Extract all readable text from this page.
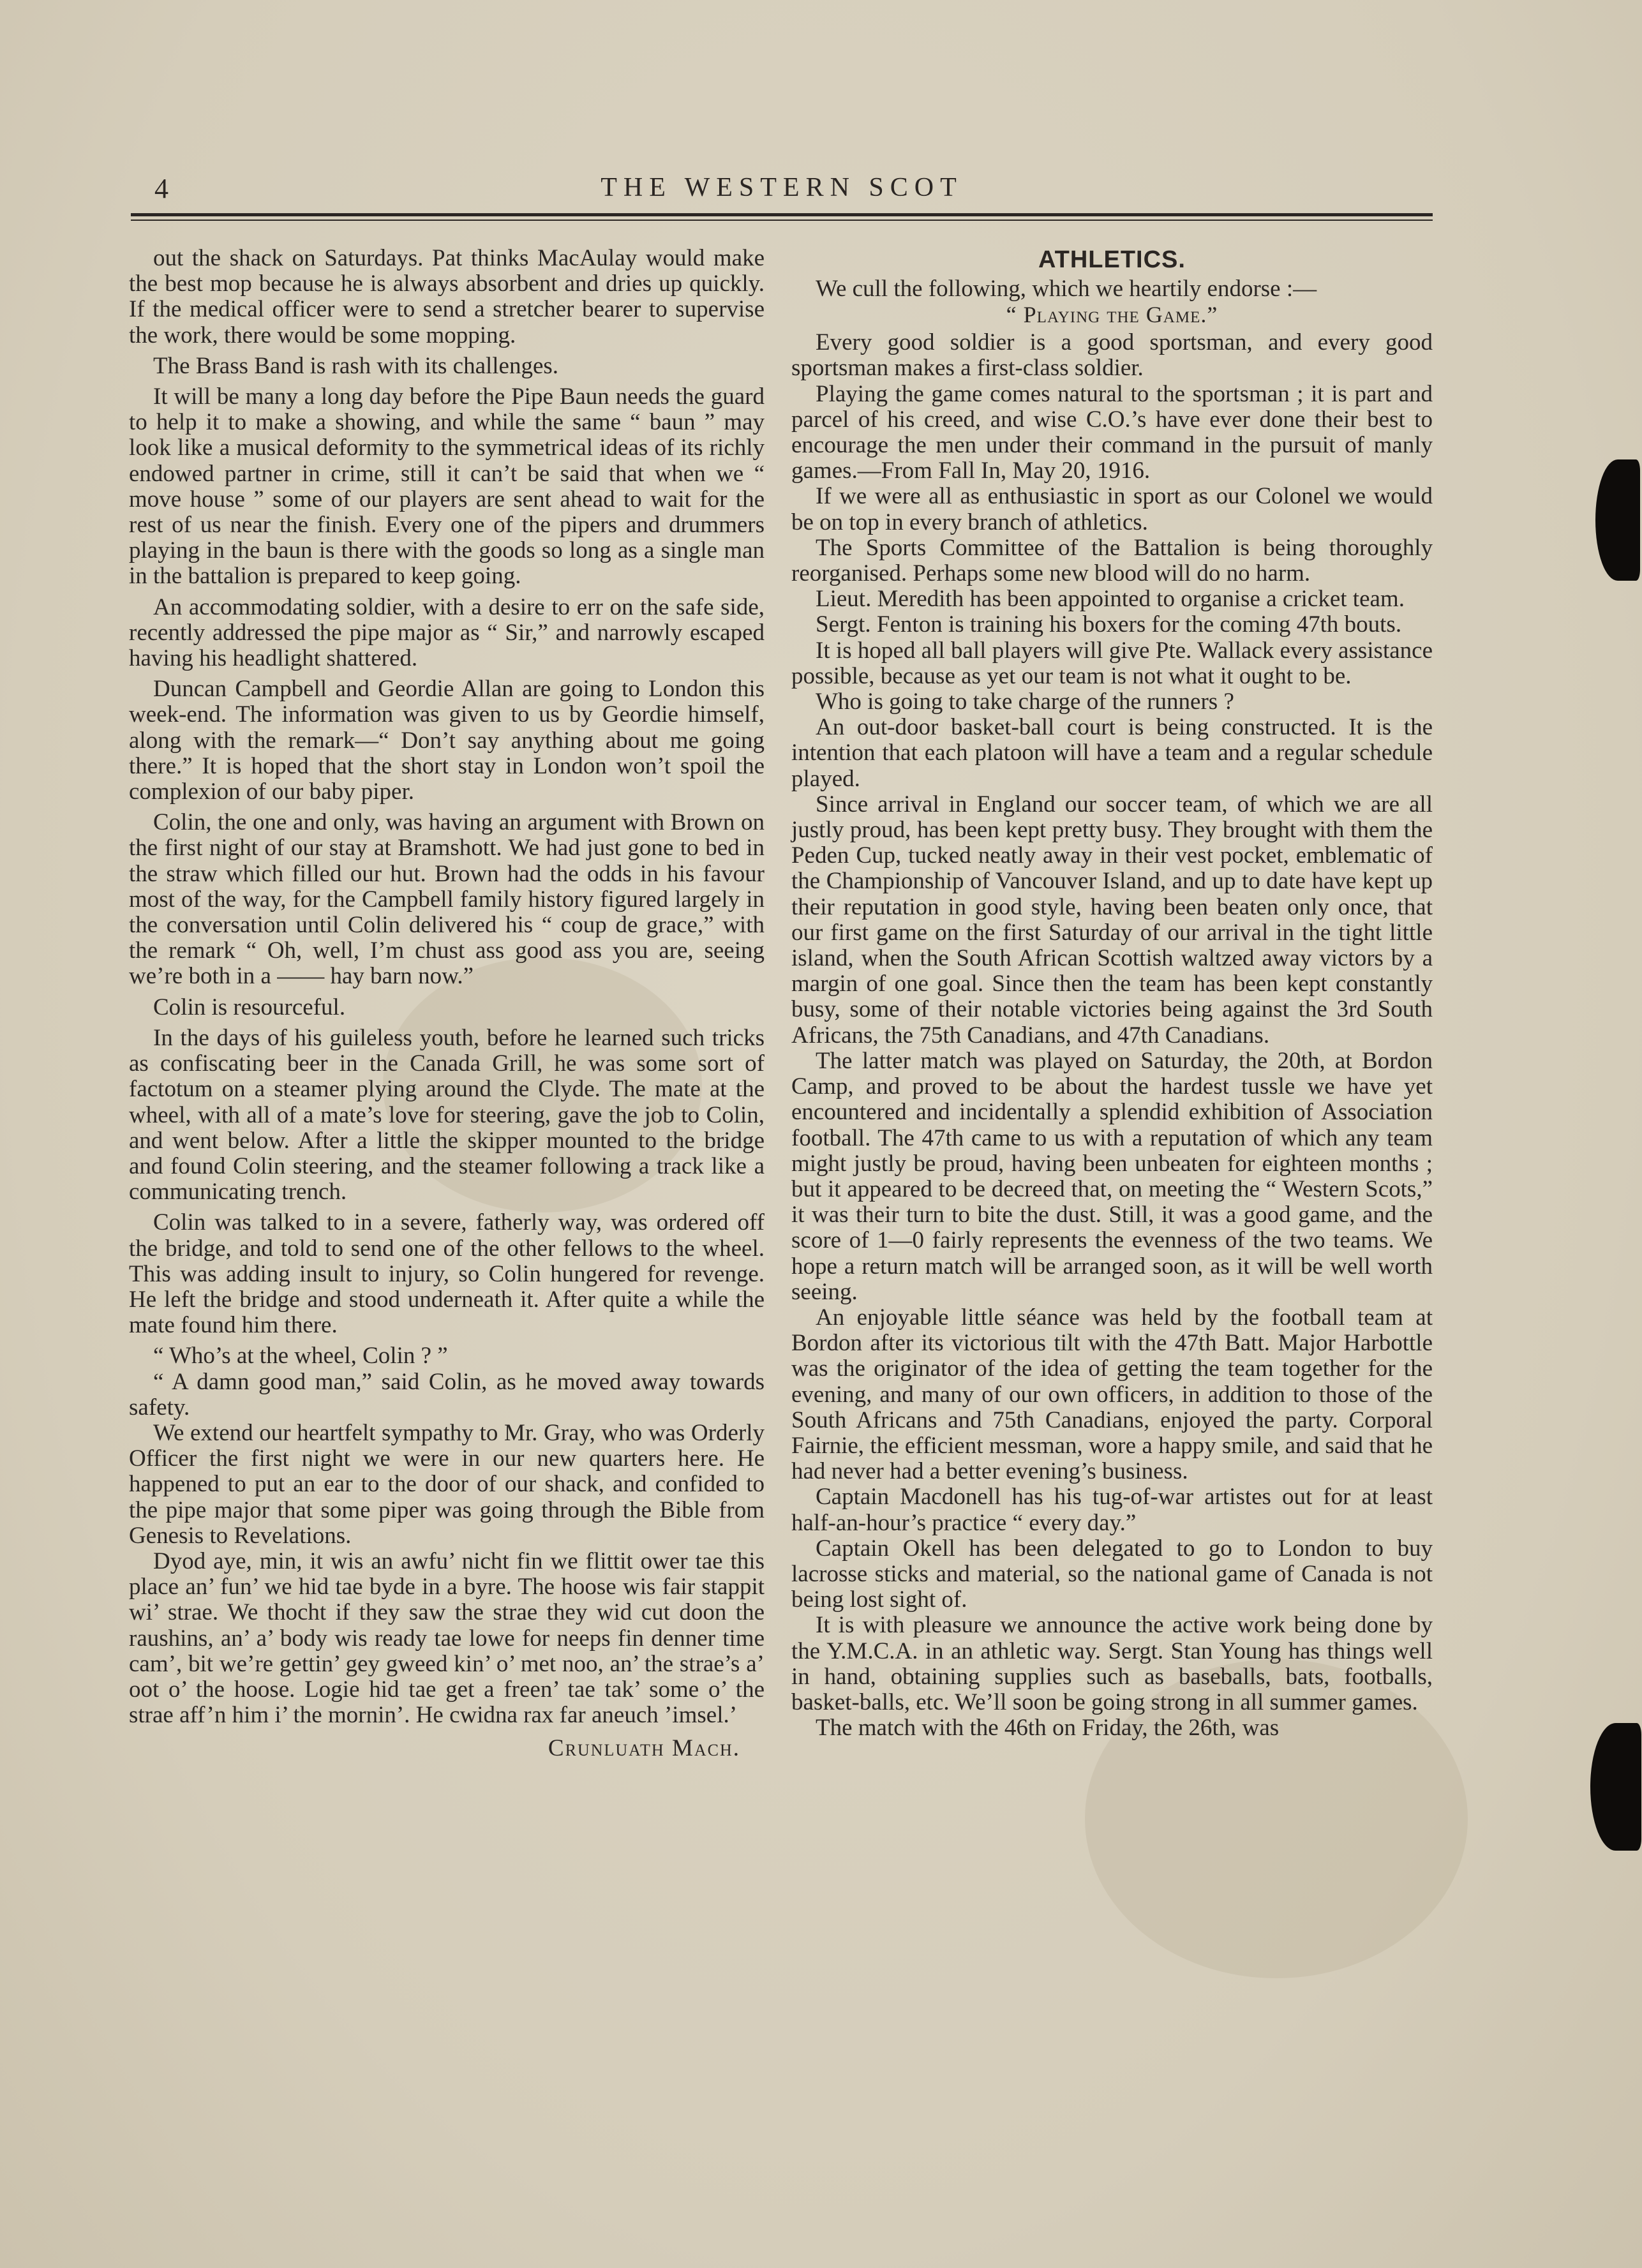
4	THE WESTERN SCOT

out the shack on Saturdays. Pat thinks MacAulay would make the best mop because he is always absorbent and dries up quickly. If the medical officer were to send a stretcher bearer to supervise the work, there would be some mopping.

The Brass Band is rash with its challenges.

It will be many a long day before the Pipe Baun needs the guard to help it to make a showing, and while the same “ baun ” may look like a musical deformity to the symmetrical ideas of its richly endowed partner in crime, still it can’t be said that when we “ move house ” some of our players are sent ahead to wait for the rest of us near the finish. Every one of the pipers and drummers playing in the baun is there with the goods so long as a single man in the battalion is prepared to keep going.

An accommodating soldier, with a desire to err on the safe side, recently addressed the pipe major as “ Sir,” and narrowly escaped having his headlight shattered.

Duncan Campbell and Geordie Allan are going to London this week-end. The information was given to us by Geordie himself, along with the remark—“ Don’t say anything about me going there.” It is hoped that the short stay in London won’t spoil the complexion of our baby piper.

Colin, the one and only, was having an argument with Brown on the first night of our stay at Bramshott. We had just gone to bed in the straw which filled our hut. Brown had the odds in his favour most of the way, for the Campbell family history figured largely in the conversation until Colin delivered his “ coup de grace,” with the remark “ Oh, well, I’m chust ass good ass you are, seeing we’re both in a —— hay barn now.”

Colin is resourceful.

In the days of his guileless youth, before he learned such tricks as confiscating beer in the Canada Grill, he was some sort of factotum on a steamer plying around the Clyde. The mate at the wheel, with all of a mate’s love for steering, gave the job to Colin, and went below. After a little the skipper mounted to the bridge and found Colin steering, and the steamer following a track like a communicating trench.

Colin was talked to in a severe, fatherly way, was ordered off the bridge, and told to send one of the other fellows to the wheel. This was adding insult to injury, so Colin hungered for revenge. He left the bridge and stood underneath it. After quite a while the mate found him there.

“ Who’s at the wheel, Colin ? ”

“ A damn good man,” said Colin, as he moved away towards safety.

We extend our heartfelt sympathy to Mr. Gray, who was Orderly Officer the first night we were in our new quarters here. He happened to put an ear to the door of our shack, and confided to the pipe major that some piper was going through the Bible from Genesis to Revelations.

Dyod aye, min, it wis an awfu’ nicht fin we flittit ower tae this place an’ fun’ we hid tae byde in a byre. The hoose wis fair stappit wi’ strae. We thocht if they saw the strae they wid cut doon the raushins, an’ a’ body wis ready tae lowe for neeps fin denner time cam’, bit we’re gettin’ gey gweed kin’ o’ met noo, an’ the strae’s a’ oot o’ the hoose. Logie hid tae get a freen’ tae tak’ some o’ the strae aff’n him i’ the mornin’. He cwidna rax far aneuch ’imsel.’

Crunluath Mach.
ATHLETICS.

We cull the following, which we heartily endorse :—

“ Playing the Game.”

Every good soldier is a good sportsman, and every good sportsman makes a first-class soldier.

Playing the game comes natural to the sportsman ; it is part and parcel of his creed, and wise C.O.’s have ever done their best to encourage the men under their command in the pursuit of manly games.—From Fall In, May 20, 1916.

If we were all as enthusiastic in sport as our Colonel we would be on top in every branch of athletics.

The Sports Committee of the Battalion is being thoroughly reorganised. Perhaps some new blood will do no harm.

Lieut. Meredith has been appointed to organise a cricket team.

Sergt. Fenton is training his boxers for the coming 47th bouts.

It is hoped all ball players will give Pte. Wallack every assistance possible, because as yet our team is not what it ought to be.

Who is going to take charge of the runners ?

An out-door basket-ball court is being constructed. It is the intention that each platoon will have a team and a regular schedule played.

Since arrival in England our soccer team, of which we are all justly proud, has been kept pretty busy. They brought with them the Peden Cup, tucked neatly away in their vest pocket, emblematic of the Championship of Vancouver Island, and up to date have kept up their reputation in good style, having been beaten only once, that our first game on the first Saturday of our arrival in the tight little island, when the South African Scottish waltzed away victors by a margin of one goal. Since then the team has been kept constantly busy, some of their notable victories being against the 3rd South Africans, the 75th Canadians, and 47th Canadians.

The latter match was played on Saturday, the 20th, at Bordon Camp, and proved to be about the hardest tussle we have yet encountered and incidentally a splendid exhibition of Association football. The 47th came to us with a reputation of which any team might justly be proud, having been unbeaten for eighteen months ; but it appeared to be decreed that, on meeting the “ Western Scots,” it was their turn to bite the dust. Still, it was a good game, and the score of 1—0 fairly represents the evenness of the two teams. We hope a return match will be arranged soon, as it will be well worth seeing.

An enjoyable little séance was held by the football team at Bordon after its victorious tilt with the 47th Batt. Major Harbottle was the originator of the idea of getting the team together for the evening, and many of our own officers, in addition to those of the South Africans and 75th Canadians, enjoyed the party. Corporal Fairnie, the efficient messman, wore a happy smile, and said that he had never had a better evening’s business.

Captain Macdonell has his tug-of-war artistes out for at least half-an-hour’s practice “ every day.”

Captain Okell has been delegated to go to London to buy lacrosse sticks and material, so the national game of Canada is not being lost sight of.

It is with pleasure we announce the active work being done by the Y.M.C.A. in an athletic way. Sergt. Stan Young has things well in hand, obtaining supplies such as baseballs, bats, footballs, basket-balls, etc. We’ll soon be going strong in all summer games.

The match with the 46th on Friday, the 26th, was
